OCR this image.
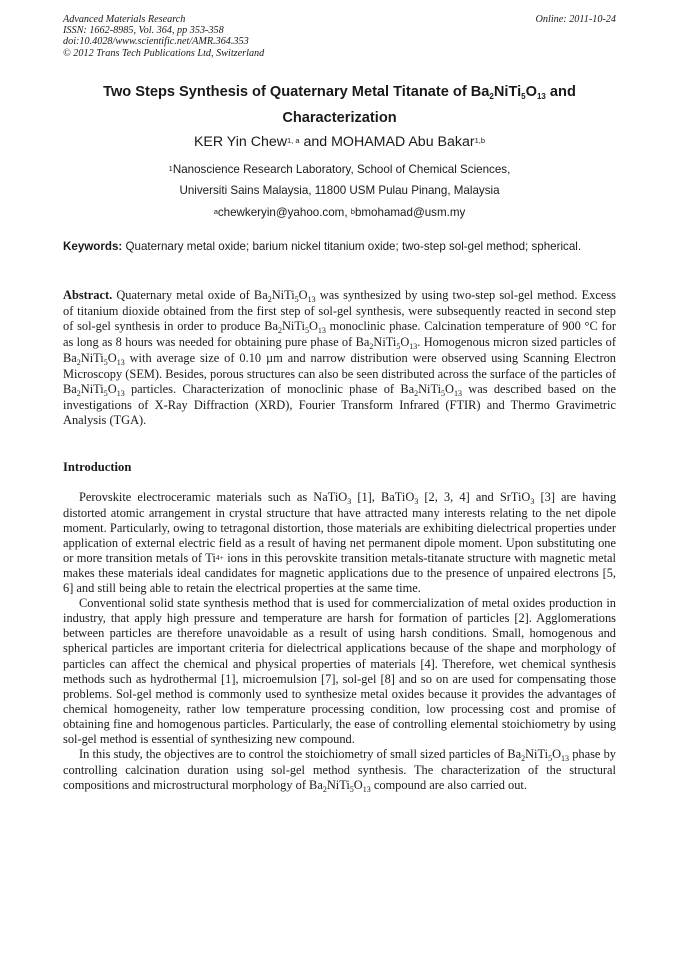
Advanced Materials Research
ISSN: 1662-8985, Vol. 364, pp 353-358
doi:10.4028/www.scientific.net/AMR.364.353
© 2012 Trans Tech Publications Ltd, Switzerland
Online: 2011-10-24
Two Steps Synthesis of Quaternary Metal Titanate of $Ba_2NiTi_5O_{13}$ and
Characterization
KER Yin Chew$^{1, a}$ and MOHAMAD Abu Bakar$^{1,b}$
$^1$Nanoscience Research Laboratory, School of Chemical Sciences,
Universiti Sains Malaysia, 11800 USM Pulau Pinang, Malaysia
$^a$chewkeryin@yahoo.com, $^b$bmohamad@usm.my
Keywords: Quaternary metal oxide; barium nickel titanium oxide; two-step sol-gel method; spherical.
Abstract. Quaternary metal oxide of $Ba_2NiTi_5O_{13}$ was synthesized by using two-step sol-gel method. Excess of titanium dioxide obtained from the first step of sol-gel synthesis, were subsequently reacted in second step of sol-gel synthesis in order to produce $Ba_2NiTi_5O_{13}$ monoclinic phase. Calcination temperature of 900 °C for as long as 8 hours was needed for obtaining pure phase of $Ba_2NiTi_5O_{13}$. Homogenous micron sized particles of $Ba_2NiTi_5O_{13}$ with average size of 0.10 µm and narrow distribution were observed using Scanning Electron Microscopy (SEM). Besides, porous structures can also be seen distributed across the surface of the particles of $Ba_2NiTi_5O_{13}$ particles. Characterization of monoclinic phase of $Ba_2NiTi_5O_{13}$ was described based on the investigations of X-Ray Diffraction (XRD), Fourier Transform Infrared (FTIR) and Thermo Gravimetric Analysis (TGA).
Introduction

Perovskite electroceramic materials such as NaTiO$_3$ [1], BaTiO$_3$ [2, 3, 4] and SrTiO$_3$ [3] are having distorted atomic arrangement in crystal structure that have attracted many interests relating to the net dipole moment. Particularly, owing to tetragonal distortion, those materials are exhibiting dielectrical properties under application of external electric field as a result of having net permanent dipole moment. Upon substituting one or more transition metals of $Ti^{4+}$ ions in this perovskite transition metals-titanate structure with magnetic metal makes these materials ideal candidates for magnetic applications due to the presence of unpaired electrons [5, 6] and still being able to retain the electrical properties at the same time.

Conventional solid state synthesis method that is used for commercialization of metal oxides production in industry, that apply high pressure and temperature are harsh for formation of particles [2]. Agglomerations between particles are therefore unavoidable as a result of using harsh conditions. Small, homogenous and spherical particles are important criteria for dielectrical applications because of the shape and morphology of particles can affect the chemical and physical properties of materials [4]. Therefore, wet chemical synthesis methods such as hydrothermal [1], microemulsion [7], sol-gel [8] and so on are used for compensating those problems. Sol-gel method is commonly used to synthesize metal oxides because it provides the advantages of chemical homogeneity, rather low temperature processing condition, low processing cost and promise of obtaining fine and homogenous particles. Particularly, the ease of controlling elemental stoichiometry by using sol-gel method is essential of synthesizing new compound.

In this study, the objectives are to control the stoichiometry of small sized particles of $Ba_2NiTi_5O_{13}$ phase by controlling calcination duration using sol-gel method synthesis. The characterization of the structural compositions and microstructural morphology of $Ba_2NiTi_5O_{13}$ compound are also carried out.
